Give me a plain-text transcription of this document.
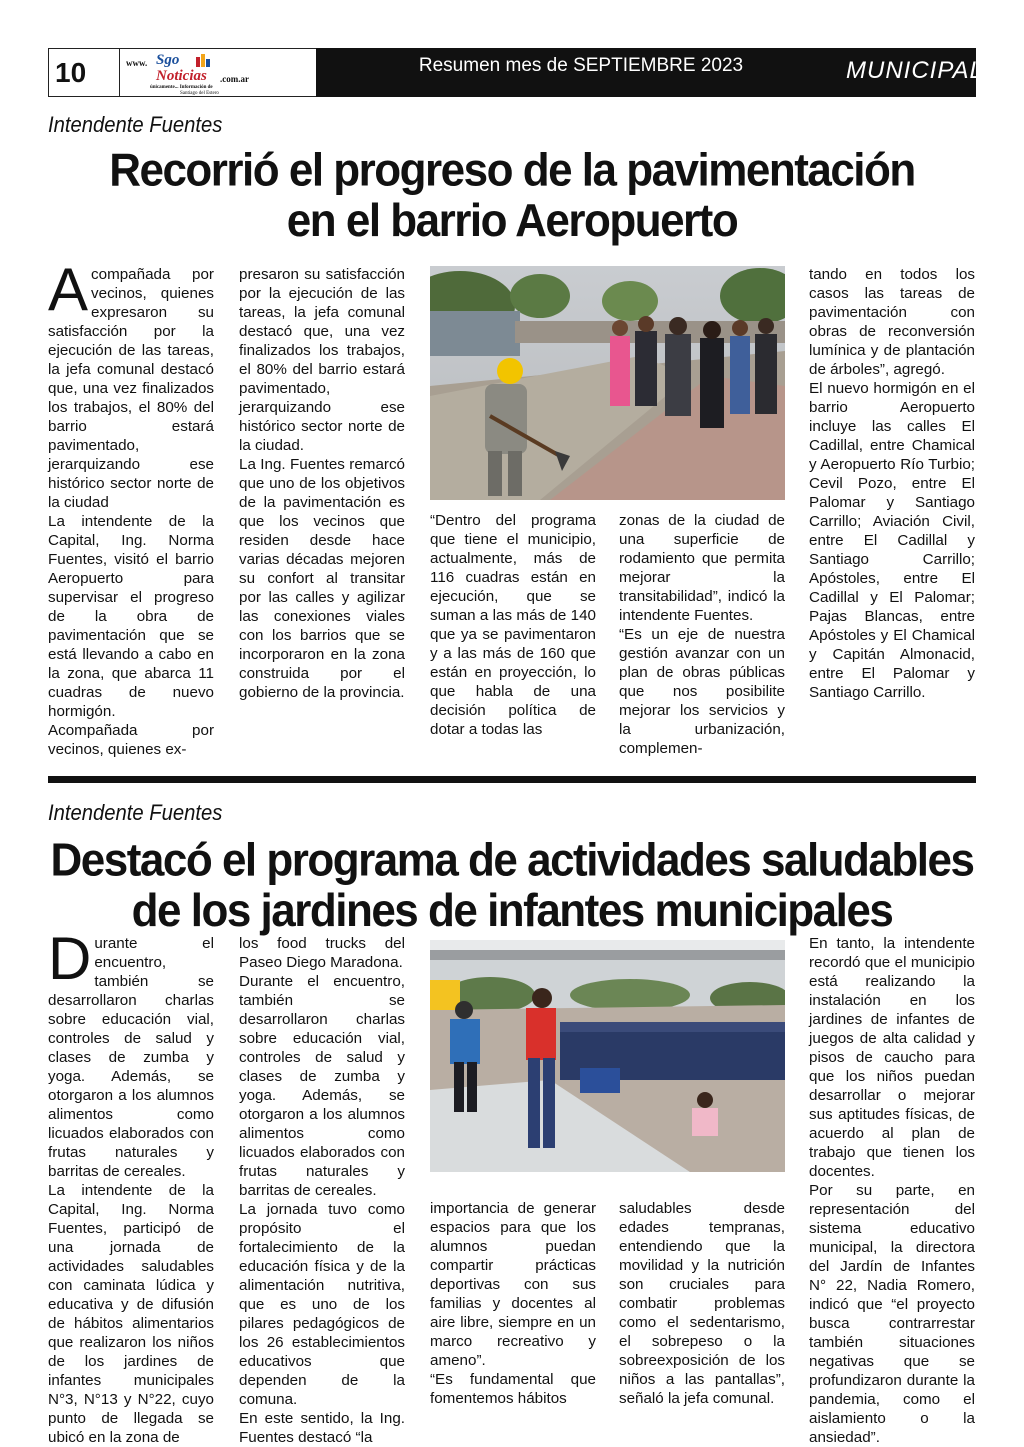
10	www. Sgo
Noticias .com.ar
únicamente... Información de
Santiago del Estero
Resumen mes de SEPTIEMBRE 2023	MUNICIPAL
Intendente Fuentes
Recorrió el progreso de la pavimentación
en el barrio Aeropuerto
A compañada por vecinos, quienes expresaron su satisfacción por la ejecución de las tareas, la jefa comunal destacó que, una vez finalizados los trabajos, el 80% del barrio estará pavimentado, jerarquizando ese histórico sector norte de la ciudad

La intendente de la Capital, Ing. Norma Fuentes, visitó el barrio Aeropuerto para supervisar el progreso de la obra de pavimentación que se está llevando a cabo en la zona, que abarca 11 cuadras de nuevo hormigón.

Acompañada por vecinos, quienes ex-

presaron su satisfacción por la ejecución de las tareas, la jefa comunal destacó que, una vez finalizados los trabajos, el 80% del barrio estará pavimentado, jerarquizando ese histórico sector norte de la ciudad.

La Ing. Fuentes remarcó que uno de los objetivos de la pavimentación es que los vecinos que residen desde hace varias décadas mejoren su confort al transitar por las calles y agilizar las conexiones viales con los barrios que se incorporaron en la zona construida por el gobierno de la provincia.

“Dentro del programa que tiene el municipio, actualmente, más de 116 cuadras están en ejecución, que se suman a las más de 140 que ya se pavimentaron y a las más de 160 que están en proyección, lo que habla de una decisión política de dotar a todas las

zonas de la ciudad de una superficie de rodamiento que permita mejorar la transitabilidad”, indicó la intendente Fuentes.

“Es un eje de nuestra gestión avanzar con un plan de obras públicas que nos posibilite mejorar los servicios y la urbanización, complemen-

tando en todos los casos las tareas de pavimentación con obras de reconversión lumínica y de plantación de árboles”, agregó.

El nuevo hormigón en el barrio Aeropuerto incluye las calles El Cadillal, entre Chamical y Aeropuerto Río Turbio; Cevil Pozo, entre El Palomar y Santiago Carrillo; Aviación Civil, entre El Cadillal y Santiago Carrillo; Apóstoles, entre El Cadillal y El Palomar; Pajas Blancas, entre Apóstoles y El Chamical y Capitán Almonacid, entre El Palomar y Santiago Carrillo.

Intendente Fuentes
Destacó el programa de actividades saludables
de los jardines de infantes municipales
D urante el encuentro, también se desarrollaron charlas sobre educación vial, controles de salud y clases de zumba y yoga. Además, se otorgaron a los alumnos alimentos como licuados elaborados con frutas naturales y barritas de cereales.

La intendente de la Capital, Ing. Norma Fuentes, participó de una jornada de actividades saludables con caminata lúdica y educativa y de difusión de hábitos alimentarios que realizaron los niños de los jardines de infantes municipales N°3, N°13 y N°22, cuyo punto de llegada se ubicó en la zona de

los food trucks del Paseo Diego Maradona.

Durante el encuentro, también se desarrollaron charlas sobre educación vial, controles de salud y clases de zumba y yoga. Además, se otorgaron a los alumnos alimentos como licuados elaborados con frutas naturales y barritas de cereales.

La jornada tuvo como propósito el fortalecimiento de la educación física y de la alimentación nutritiva, que es uno de los pilares pedagógicos de los 26 establecimientos educativos que dependen de la comuna.

En este sentido, la Ing. Fuentes destacó “la

importancia de generar espacios para que los alumnos puedan compartir prácticas deportivas con sus familias y docentes al aire libre, siempre en un marco recreativo y ameno”.

“Es fundamental que fomentemos hábitos

saludables desde edades tempranas, entendiendo que la movilidad y la nutrición son cruciales para combatir problemas como el sedentarismo, el sobrepeso o la sobreexposición de los niños a las pantallas”, señaló la jefa comunal.

En tanto, la intendente recordó que el municipio está realizando la instalación en los jardines de infantes de juegos de alta calidad y pisos de caucho para que los niños puedan desarrollar o mejorar sus aptitudes físicas, de acuerdo al plan de trabajo que tienen los docentes.

Por su parte, en representación del sistema educativo municipal, la directora del Jardín de Infantes N° 22, Nadia Romero, indicó que “el proyecto busca contrarrestar también situaciones negativas que se profundizaron durante la pandemia, como el aislamiento o la ansiedad”.
